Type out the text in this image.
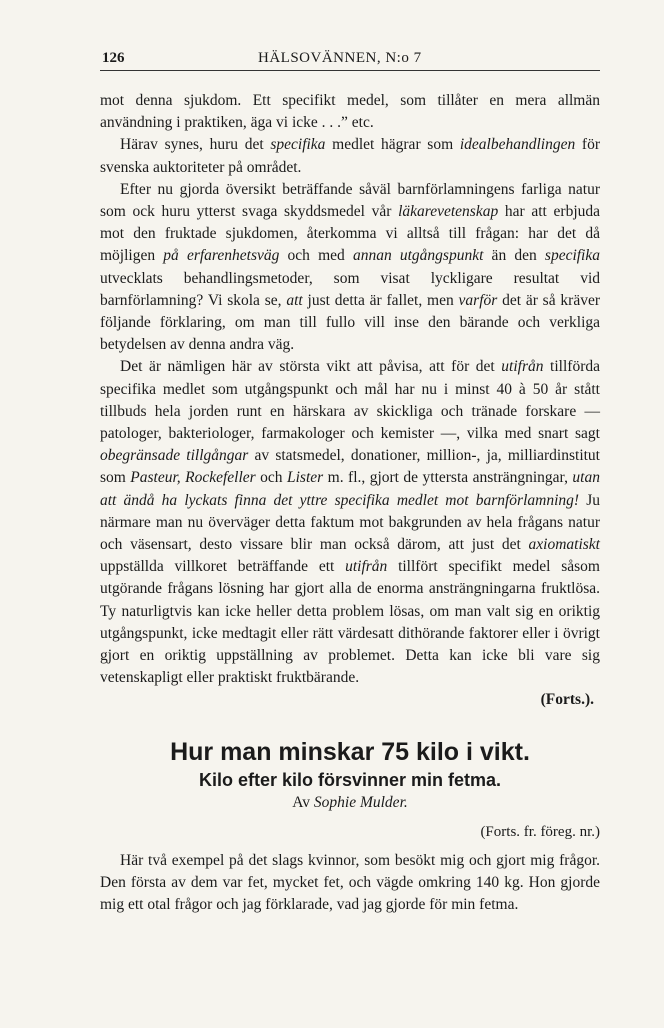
126	HÄLSOVÄNNEN, N:o 7

mot denna sjukdom. Ett specifikt medel, som tillåter en mera allmän användning i praktiken, äga vi icke . . .” etc.

Härav synes, huru det specifika medlet hägrar som idealbehandlingen för svenska auktoriteter på området.

Efter nu gjorda översikt beträffande såväl barnförlamningens farliga natur som ock huru ytterst svaga skyddsmedel vår läkarevetenskap har att erbjuda mot den fruktade sjukdomen, återkomma vi alltså till frågan: har det då möjligen på erfarenhetsväg och med annan utgångspunkt än den specifika utvecklats behandlingsmetoder, som visat lyckligare resultat vid barnförlamning? Vi skola se, att just detta är fallet, men varför det är så kräver följande förklaring, om man till fullo vill inse den bärande och verkliga betydelsen av denna andra väg.

Det är nämligen här av största vikt att påvisa, att för det utifrån tillförda specifika medlet som utgångspunkt och mål har nu i minst 40 à 50 år stått tillbuds hela jorden runt en härskara av skickliga och tränade forskare — patologer, bakteriologer, farmakologer och kemister —, vilka med snart sagt obegränsade tillgångar av statsmedel, donationer, million-, ja, milliardinstitut som Pasteur, Rockefeller och Lister m. fl., gjort de yttersta ansträngningar, utan att ändå ha lyckats finna det yttre specifika medlet mot barnförlamning! Ju närmare man nu överväger detta faktum mot bakgrunden av hela frågans natur och väsensart, desto vissare blir man också därom, att just det axiomatiskt uppställda villkoret beträffande ett utifrån tillfört specifikt medel såsom utgörande frågans lösning har gjort alla de enorma ansträngningarna fruktlösa. Ty naturligtvis kan icke heller detta problem lösas, om man valt sig en oriktig utgångspunkt, icke medtagit eller rätt värdesatt dithörande faktorer eller i övrigt gjort en oriktig uppställning av problemet. Detta kan icke bli vare sig vetenskapligt eller praktiskt fruktbärande.

(Forts.).
Hur man minskar 75 kilo i vikt.
Kilo efter kilo försvinner min fetma.
Av Sophie Mulder.
(Forts. fr. föreg. nr.)

Här två exempel på det slags kvinnor, som besökt mig och gjort mig frågor. Den första av dem var fet, mycket fet, och vägde omkring 140 kg. Hon gjorde mig ett otal frågor och jag förklarade, vad jag gjorde för min fetma.
